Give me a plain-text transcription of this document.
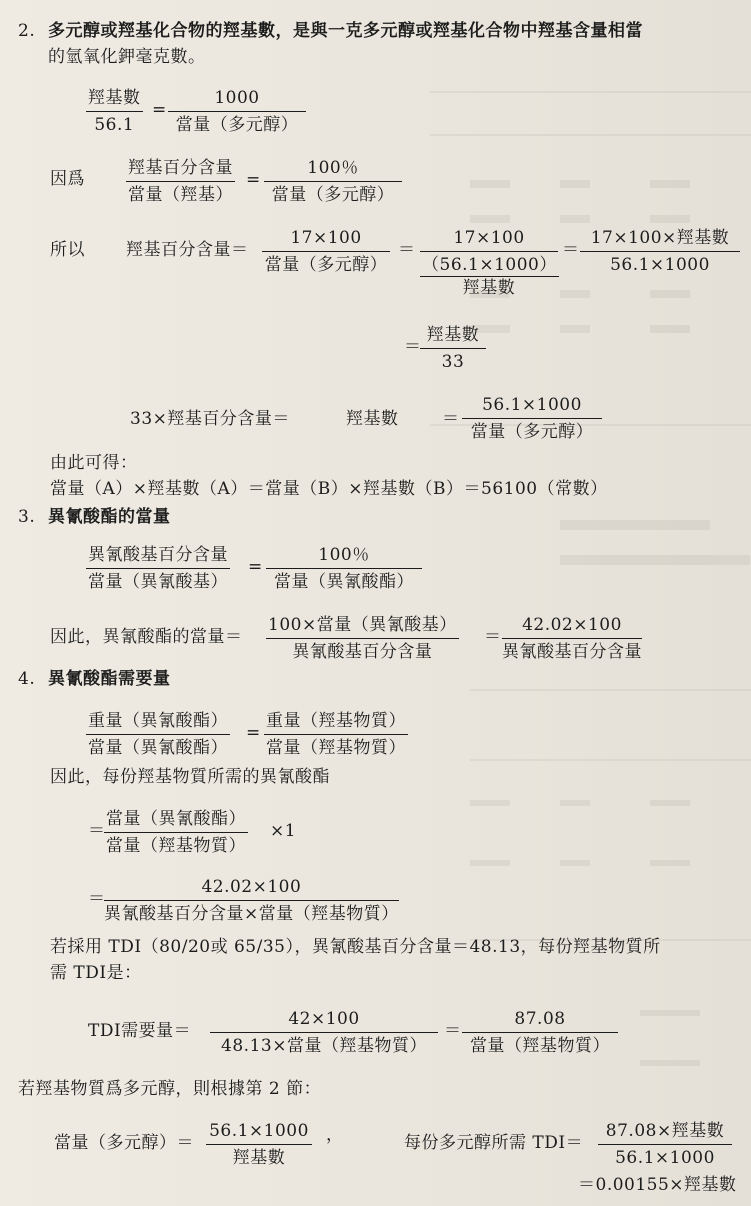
2. 多元醇或羥基化合物的羥基數，是與一克多元醇或羥基化合物中羥基含量相當
的氫氧化鉀毫克數。
羥基數
56.1
=
1000
當量（多元醇）
因爲
羥基百分含量
當量（羥基）
=
100％
當量（多元醇）
所以 羥基百分含量＝
17×100
當量（多元醇）
＝
17×100
（56.1×1000）
羥基數
＝
17×100×羥基數
56.1×1000
＝
羥基數
33
33×羥基百分含量＝	羥基數	＝
56.1×1000
當量（多元醇）
由此可得：
當量（A）×羥基數（A）＝當量（B）×羥基數（B）＝56100（常數）
3. 異氰酸酯的當量
異氰酸基百分含量
當量（異氰酸基）
=
100％
當量（異氰酸酯）
因此，異氰酸酯的當量＝
100×當量（異氰酸基）
異氰酸基百分含量
＝
42.02×100
異氰酸基百分含量
4. 異氰酸酯需要量
重量（異氰酸酯）
當量（異氰酸酯）
=
重量（羥基物質）
當量（羥基物質）
因此，每份羥基物質所需的異氰酸酯
＝
當量（異氰酸酯）
當量（羥基物質）
×1
＝
42.02×100
異氰酸基百分含量×當量（羥基物質）
若採用 TDI（80/20或 65/35），異氰酸基百分含量＝48.13，每份羥基物質所
需 TDI是：
TDI需要量＝
42×100
48.13×當量（羥基物質）
＝
87.08
當量（羥基物質）
若羥基物質爲多元醇，則根據第 2 節：
當量（多元醇）＝
56.1×1000
羥基數
，	每份多元醇所需 TDI＝
87.08×羥基數
56.1×1000
＝0.00155×羥基數
